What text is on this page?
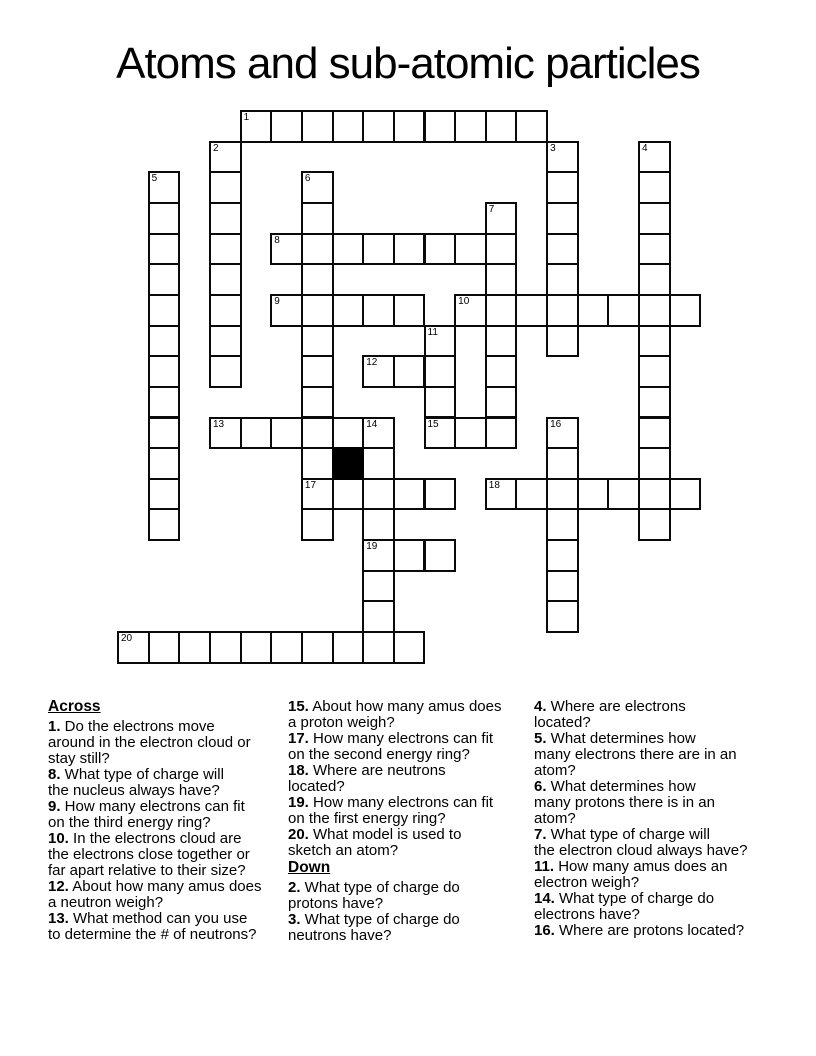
Atoms and sub-atomic particles
1
8
9	10
12
13	14	15
17	18
19
20
2	3	4
5	6
7
11
16
Across
1. Do the electrons move
around in the electron cloud or
stay still?
8. What type of charge will
the nucleus always have?
9. How many electrons can fit
on the third energy ring?
10. In the electrons cloud are
the electrons close together or
far apart relative to their size?
12. About how many amus does
a neutron weigh?
13. What method can you use
to determine the # of neutrons?
15. About how many amus does
a proton weigh?
17. How many electrons can fit
on the second energy ring?
18. Where are neutrons
located?
19. How many electrons can fit
on the first energy ring?
20. What model is used to
sketch an atom?
Down
2. What type of charge do
protons have?
3. What type of charge do
neutrons have?
4. Where are electrons
located?
5. What determines how
many electrons there are in an
atom?
6. What determines how
many protons there is in an
atom?
7. What type of charge will
the electron cloud always have?
11. How many amus does an
electron weigh?
14. What type of charge do
electrons have?
16. Where are protons located?
